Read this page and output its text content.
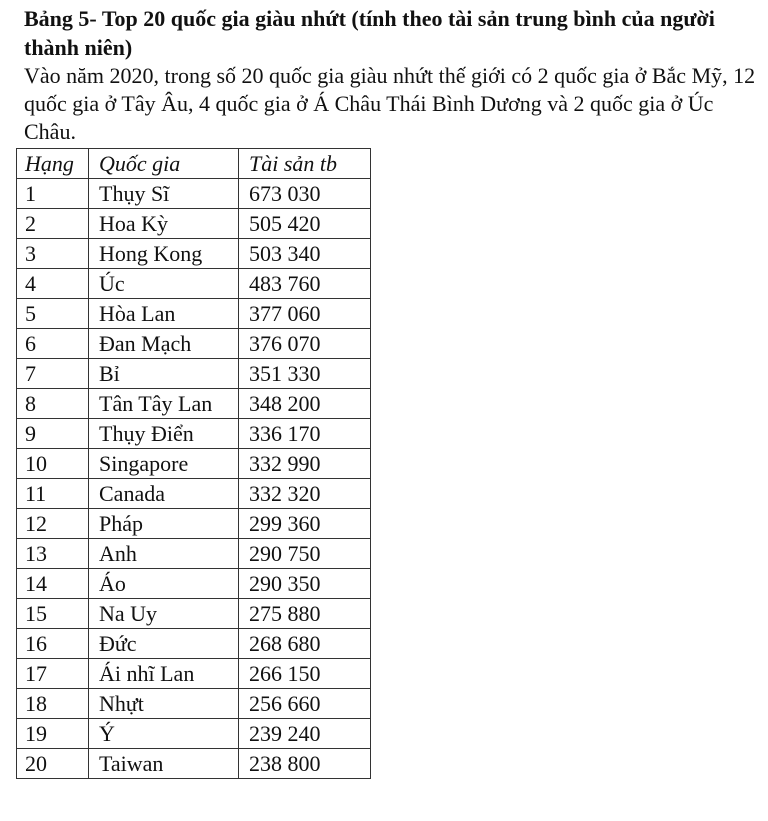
Bảng 5- Top 20 quốc gia giàu nhứt (tính theo tài sản trung bình của người thành niên)

Vào năm 2020, trong số 20 quốc gia giàu nhứt thế giới có 2 quốc gia ở Bắc Mỹ, 12 quốc gia ở Tây Âu, 4 quốc gia ở Á Châu Thái Bình Dương và 2 quốc gia ở Úc Châu.

Hạng	Quốc gia	Tài sản tb
1	Thụy Sĩ	673 030
2	Hoa Kỳ	505 420
3	Hong Kong	503 340
4	Úc	483 760
5	Hòa Lan	377 060
6	Đan Mạch	376 070
7	Bỉ	351 330
8	Tân Tây Lan	348 200
9	Thụy Điển	336 170
10	Singapore	332 990
11	Canada	332 320
12	Pháp	299 360
13	Anh	290 750
14	Áo	290 350
15	Na Uy	275 880
16	Đức	268 680
17	Ái nhĩ Lan	266 150
18	Nhựt	256 660
19	Ý	239 240
20	Taiwan	238 800
